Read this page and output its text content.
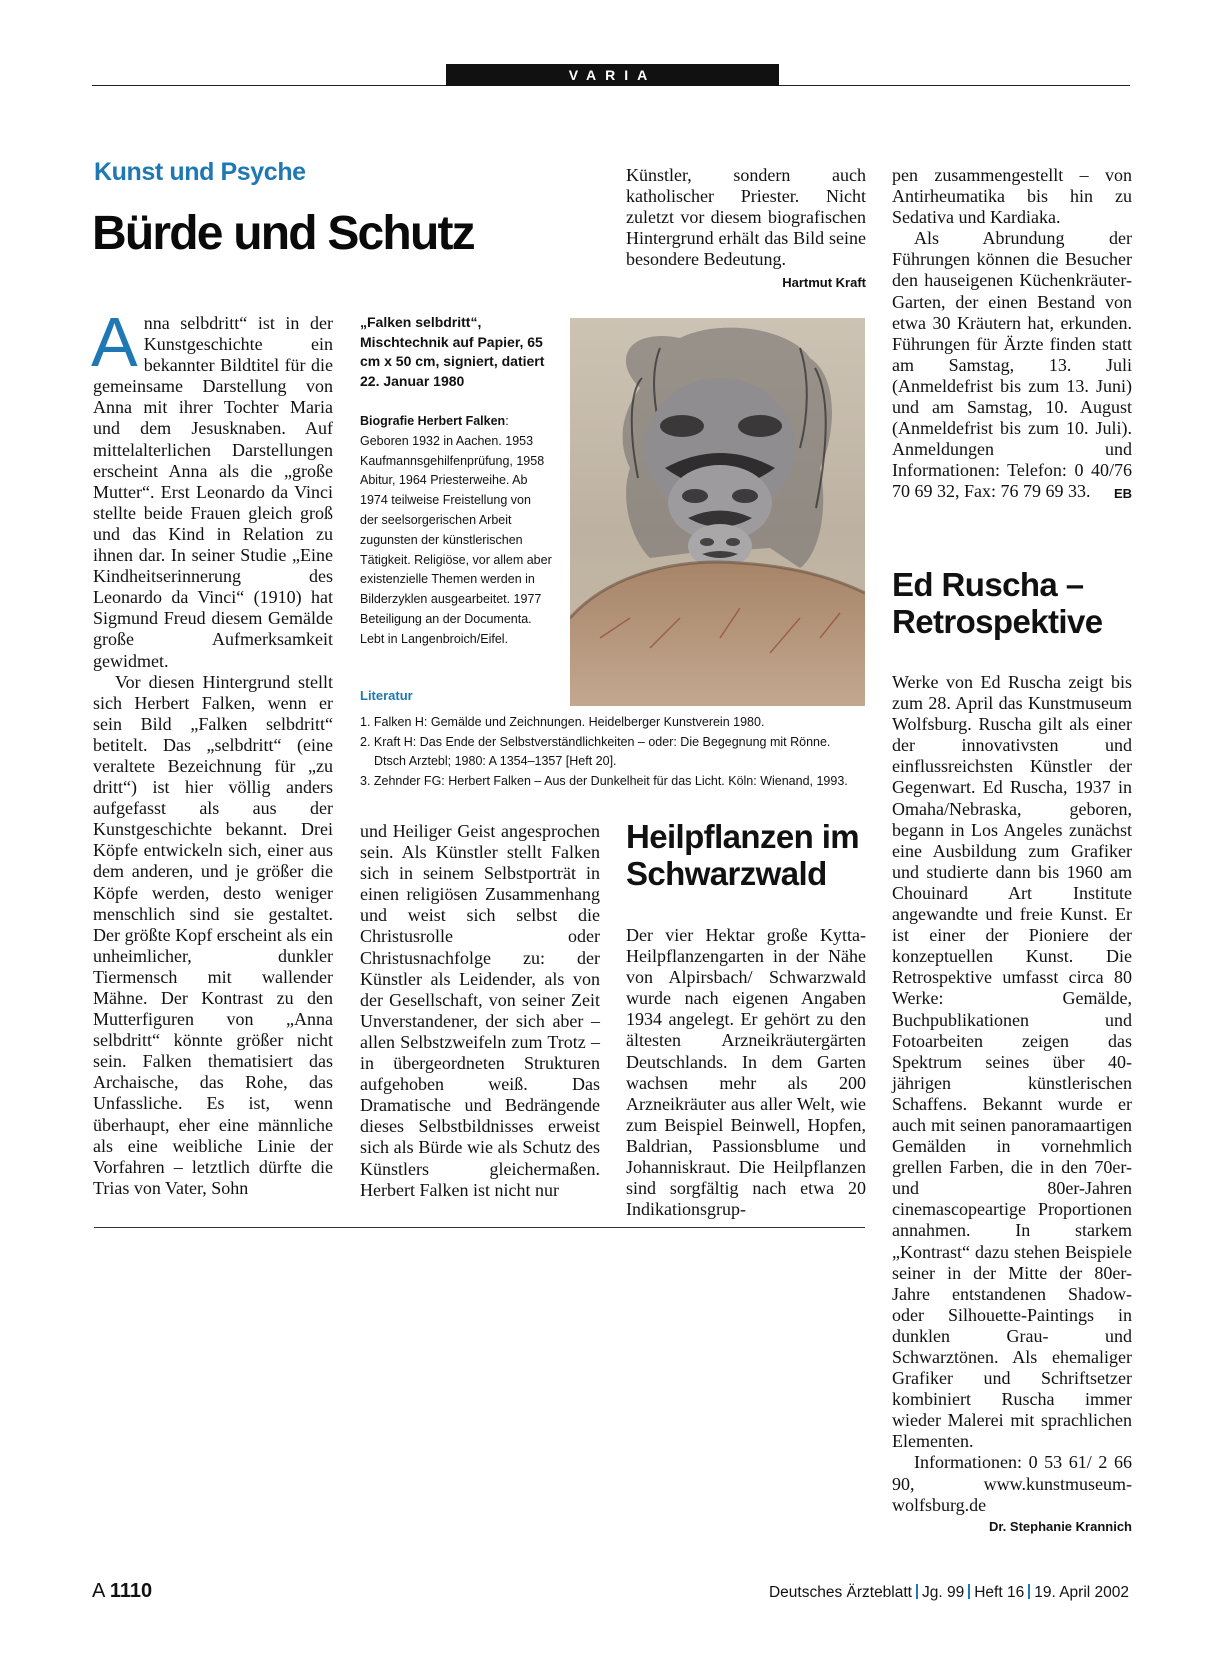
VARIA
Kunst und Psyche
Bürde und Schutz

Anna selbdritt“ ist in der Kunstgeschichte ein bekannter Bildtitel für die gemeinsame Darstellung von Anna mit ihrer Tochter Maria und dem Jesusknaben. Auf mittelalterlichen Darstellungen erscheint Anna als die „große Mutter“. Erst Leonardo da Vinci stellte beide Frauen gleich groß und das Kind in Relation zu ihnen dar. In seiner Studie „Eine Kindheitserinnerung des Leonardo da Vinci“ (1910) hat Sigmund Freud diesem Gemälde große Aufmerksamkeit gewidmet.

Vor diesen Hintergrund stellt sich Herbert Falken, wenn er sein Bild „Falken selbdritt“ betitelt. Das „selbdritt“ (eine veraltete Bezeichnung für „zu dritt“) ist hier völlig anders aufgefasst als aus der Kunstgeschichte bekannt. Drei Köpfe entwickeln sich, einer aus dem anderen, und je größer die Köpfe werden, desto weniger menschlich sind sie gestaltet. Der größte Kopf erscheint als ein unheimlicher, dunkler Tiermensch mit wallender Mähne. Der Kontrast zu den Mutterfiguren von „Anna selbdritt“ könnte größer nicht sein. Falken thematisiert das Archaische, das Rohe, das Unfassliche. Es ist, wenn überhaupt, eher eine männliche als eine weibliche Linie der Vorfahren – letztlich dürfte die Trias von Vater, Sohn

„Falken selbdritt“, Mischtechnik auf Papier, 65 cm x 50 cm, signiert, datiert 22. Januar 1980
Biografie Herbert Falken: Geboren 1932 in Aachen. 1953 Kaufmannsgehilfenprüfung, 1958 Abitur, 1964 Priesterweihe. Ab 1974 teilweise Freistellung von der seelsorgerischen Arbeit zugunsten der künstlerischen Tätigkeit. Religiöse, vor allem aber existenzielle Themen werden in Bilderzyklen ausgearbeitet. 1977 Beteiligung an der Documenta. Lebt in Langenbroich/Eifel.
Literatur
1. Falken H: Gemälde und Zeichnungen. Heidelberger Kunstverein 1980.
2. Kraft H: Das Ende der Selbstverständlichkeiten – oder: Die Begegnung mit Rönne. Dtsch Arztebl; 1980: A 1354–1357 [Heft 20].
3. Zehnder FG: Herbert Falken – Aus der Dunkelheit für das Licht. Köln: Wienand, 1993.

und Heiliger Geist angesprochen sein. Als Künstler stellt Falken sich in seinem Selbstporträt in einen religiösen Zusammenhang und weist sich selbst die Christusrolle oder Christusnachfolge zu: der Künstler als Leidender, als von der Gesellschaft, von seiner Zeit Unverstandener, der sich aber – allen Selbstzweifeln zum Trotz – in übergeordneten Strukturen aufgehoben weiß. Das Dramatische und Bedrängende dieses Selbstbildnisses erweist sich als Bürde wie als Schutz des Künstlers gleichermaßen. Herbert Falken ist nicht nur

Künstler, sondern auch katholischer Priester. Nicht zuletzt vor diesem biografischen Hintergrund erhält das Bild seine besondere Bedeutung.
Hartmut Kraft

Heilpflanzen im Schwarzwald

Der vier Hektar große Kytta-Heilpflanzengarten in der Nähe von Alpirsbach/ Schwarzwald wurde nach eigenen Angaben 1934 angelegt. Er gehört zu den ältesten Arzneikräutergärten Deutschlands. In dem Garten wachsen mehr als 200 Arzneikräuter aus aller Welt, wie zum Beispiel Beinwell, Hopfen, Baldrian, Passionsblume und Johanniskraut. Die Heilpflanzen sind sorgfältig nach etwa 20 Indikationsgrup-

pen zusammengestellt – von Antirheumatika bis hin zu Sedativa und Kardiaka.

Als Abrundung der Führungen können die Besucher den hauseigenen Küchenkräuter-Garten, der einen Bestand von etwa 30 Kräutern hat, erkunden. Führungen für Ärzte finden statt am Samstag, 13. Juli (Anmeldefrist bis zum 13. Juni) und am Samstag, 10. August (Anmeldefrist bis zum 10. Juli). Anmeldungen und Informationen: Telefon: 0 40/76 70 69 32, Fax: 76 79 69 33.	EB

Ed Ruscha – Retrospektive

Werke von Ed Ruscha zeigt bis zum 28. April das Kunstmuseum Wolfsburg. Ruscha gilt als einer der innovativsten und einflussreichsten Künstler der Gegenwart. Ed Ruscha, 1937 in Omaha/Nebraska, geboren, begann in Los Angeles zunächst eine Ausbildung zum Grafiker und studierte dann bis 1960 am Chouinard Art Institute angewandte und freie Kunst. Er ist einer der Pioniere der konzeptuellen Kunst. Die Retrospektive umfasst circa 80 Werke: Gemälde, Buchpublikationen und Fotoarbeiten zeigen das Spektrum seines über 40-jährigen künstlerischen Schaffens. Bekannt wurde er auch mit seinen panoramaartigen Gemälden in vornehmlich grellen Farben, die in den 70er- und 80er-Jahren cinemascopeartige Proportionen annahmen. In starkem „Kontrast“ dazu stehen Beispiele seiner in der Mitte der 80er-Jahre entstandenen Shadow- oder Silhouette-Paintings in dunklen Grau- und Schwarztönen. Als ehemaliger Grafiker und Schriftsetzer kombiniert Ruscha immer wieder Malerei mit sprachlichen Elementen.

Informationen: 0 53 61/ 2 66 90, www.kunstmuseum-wolfsburg.de

Dr. Stephanie Krannich
A 1110	Deutsches Ärzteblatt Jg. 99 Heft 16 19. April 2002
